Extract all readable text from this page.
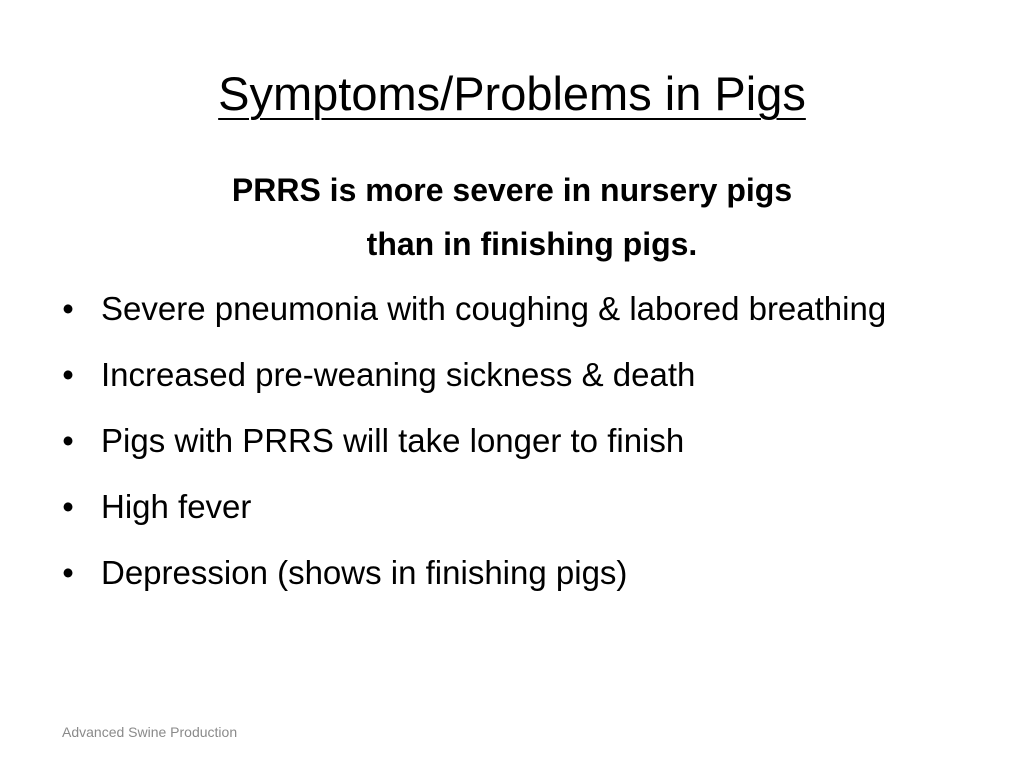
Symptoms/Problems in Pigs

PRRS is more severe in nursery pigs
than in finishing pigs.

• Severe pneumonia with coughing & labored breathing
• Increased pre-weaning sickness & death
• Pigs with PRRS will take longer to finish
• High fever
• Depression (shows in finishing pigs)
Advanced Swine Production
